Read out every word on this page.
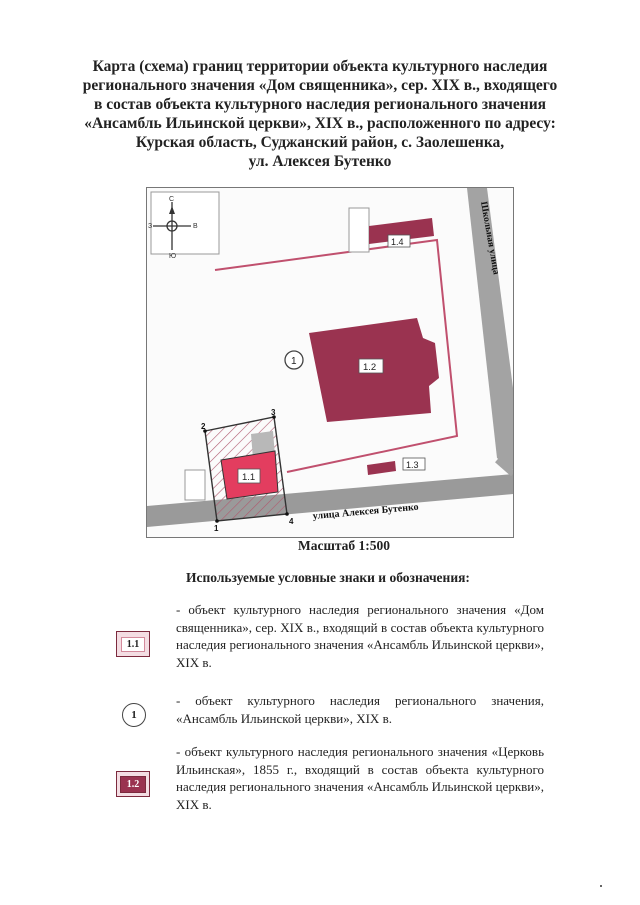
Карта (схема) границ территории объекта культурного наследия
регионального значения «Дом священника», сер. XIX в., входящего
в состав объекта культурного наследия регионального значения
«Ансамбль Ильинской церкви», XIX в., расположенного по адресу:
Курская область, Суджанский район, с. Заолешенка,
ул. Алексея Бутенко
С
Ю
З	В
1.4
1.2
1
1.3
1.1
1
2
3
4 улица Алексея Бутенко
Школьная улица
Масштаб 1:500
Используемые условные знаки и обозначения:
1.1
- объект культурного наследия регионального значения «Дом священника», сер. XIX в., входящий в состав объекта культурного наследия регионального значения «Ансамбль Ильинской церкви», XIX в.
1
- объект культурного наследия регионального значения, «Ансамбль Ильинской церкви», XIX в.
1.2
- объект культурного наследия регионального значения «Церковь Ильинская», 1855 г., входящий в состав объекта культурного наследия регионального значения «Ансамбль Ильинской церкви», XIX в.
